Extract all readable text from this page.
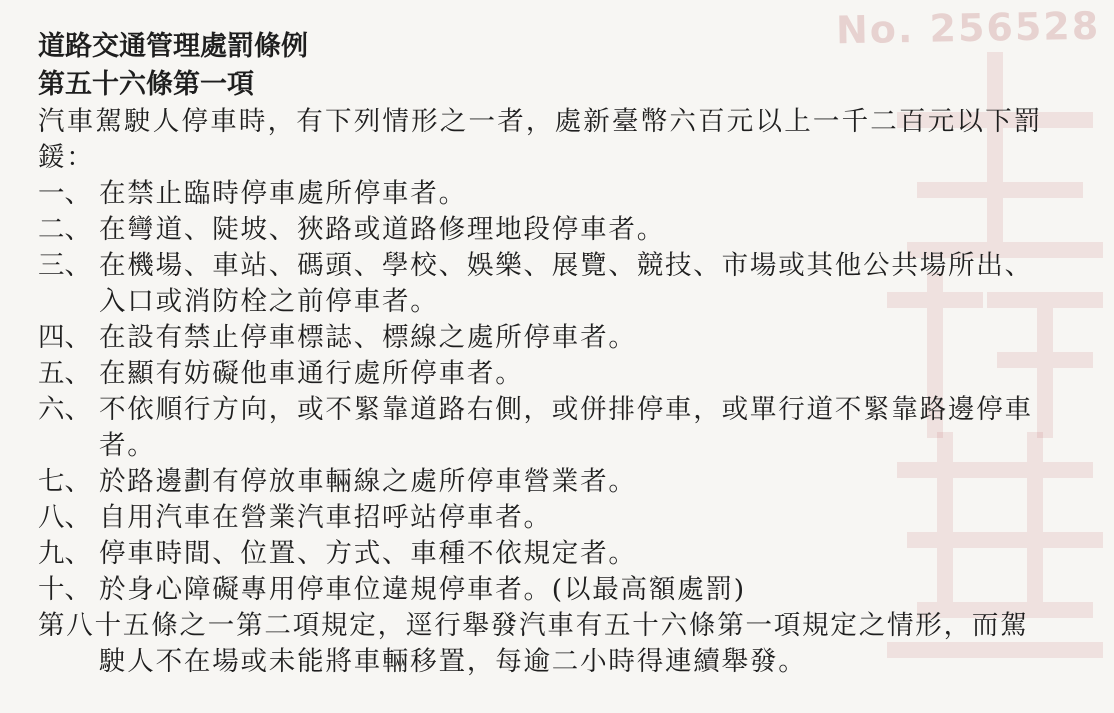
No. 256528
道路交通管理處罰條例
第五十六條第一項
汽車駕駛人停車時，有下列情形之一者，處新臺幣六百元以上一千二百元以下罰
鍰：
一、 在禁止臨時停車處所停車者。
二、 在彎道、陡坡、狹路或道路修理地段停車者。
三、 在機場、車站、碼頭、學校、娛樂、展覽、競技、市場或其他公共場所出、
入口或消防栓之前停車者。
四、 在設有禁止停車標誌、標線之處所停車者。
五、 在顯有妨礙他車通行處所停車者。
六、 不依順行方向，或不緊靠道路右側，或併排停車，或單行道不緊靠路邊停車
者。
七、 於路邊劃有停放車輛線之處所停車營業者。
八、 自用汽車在營業汽車招呼站停車者。
九、 停車時間、位置、方式、車種不依規定者。
十、 於身心障礙專用停車位違規停車者。(以最高額處罰)
第八十五條之一第二項規定，逕行舉發汽車有五十六條第一項規定之情形，而駕
駛人不在場或未能將車輛移置，每逾二小時得連續舉發。
